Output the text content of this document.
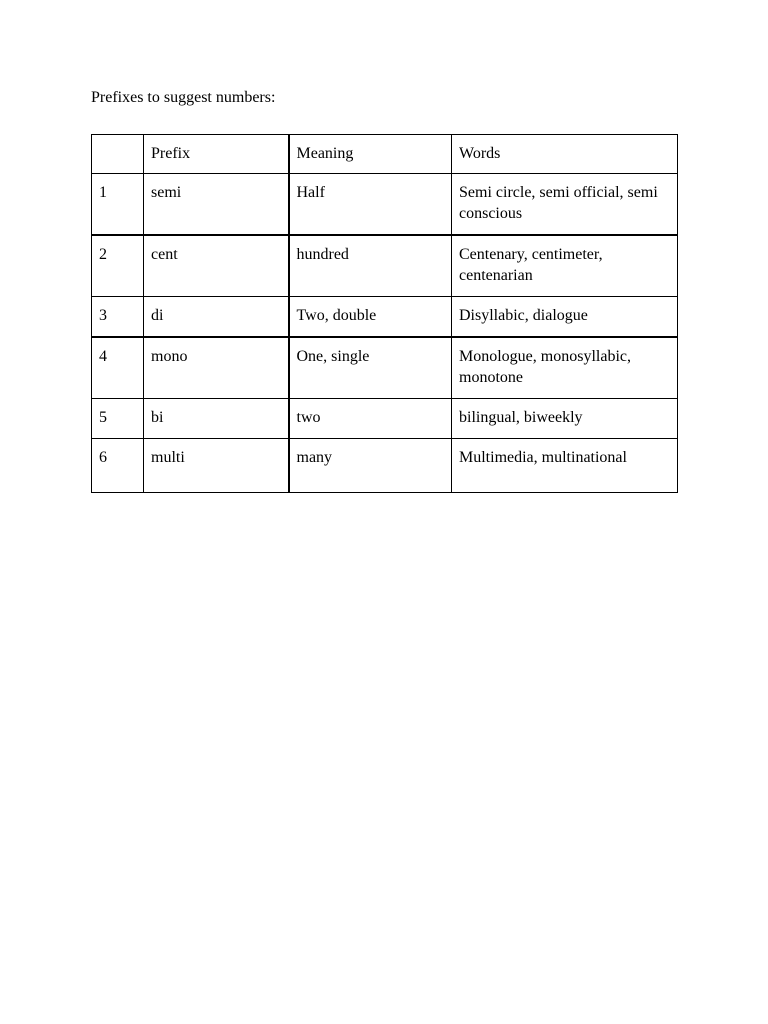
Prefixes to suggest numbers:

	Prefix	Meaning	Words
1	semi	Half	Semi circle, semi official, semi conscious
2	cent	hundred	Centenary, centimeter, centenarian
3	di	Two, double	Disyllabic, dialogue
4	mono	One, single	Monologue, monosyllabic, monotone
5	bi	two	bilingual, biweekly
6	multi	many	Multimedia, multinational
